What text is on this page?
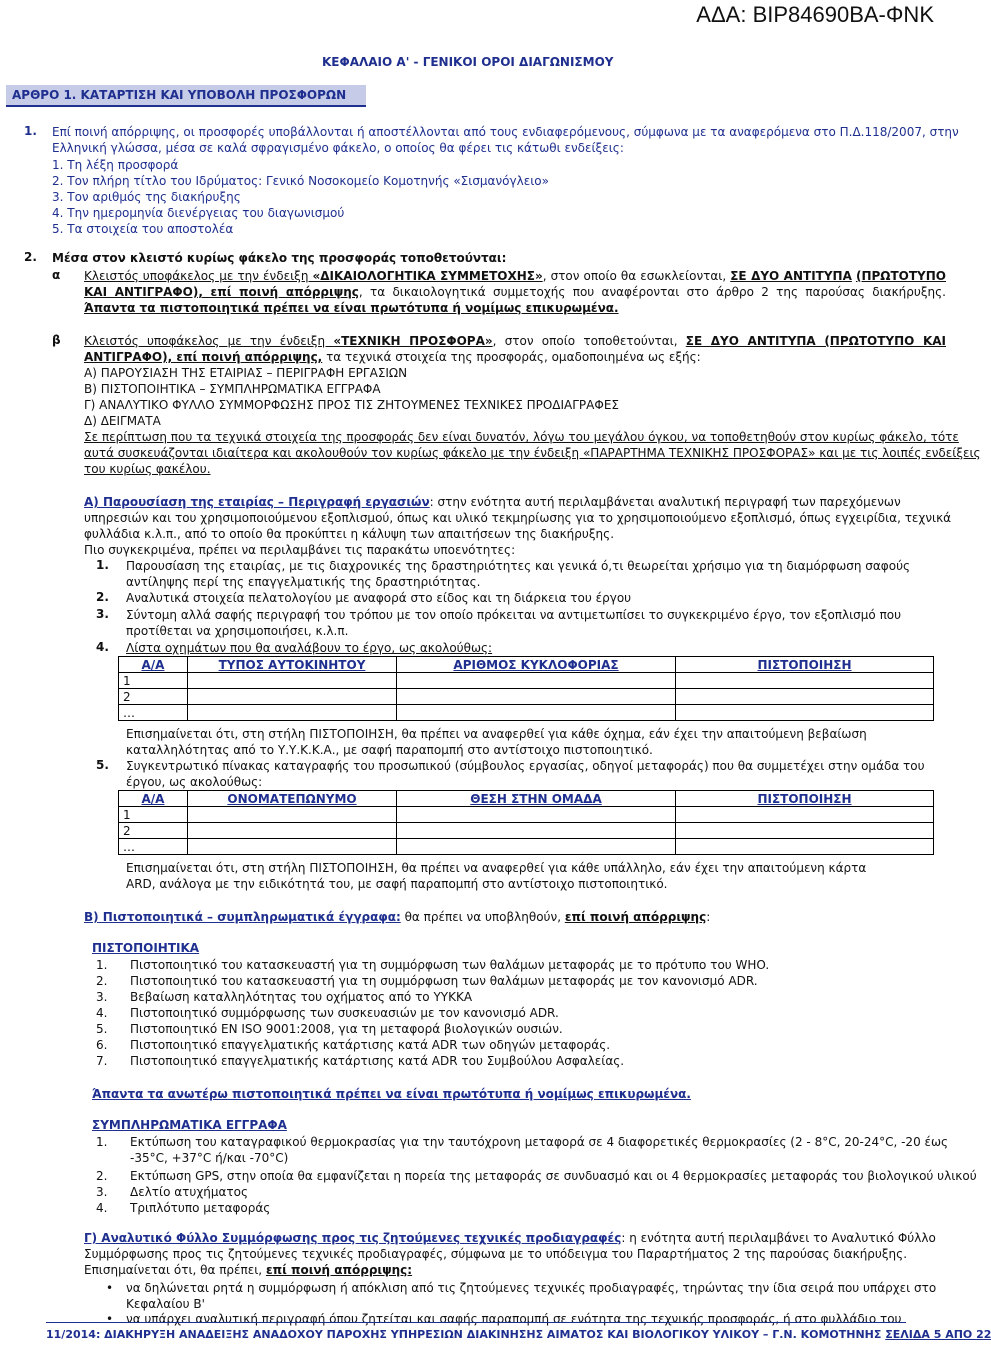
ΑΔΑ: ΒΙΡ84690ΒΑ-ΦΝΚ
ΚΕΦΑΛΑΙΟ Α' - ΓΕΝΙΚΟΙ ΟΡΟΙ ΔΙΑΓΩΝΙΣΜΟΥ
ΑΡΘΡΟ 1. ΚΑΤΑΡΤΙΣΗ ΚΑΙ ΥΠΟΒΟΛΗ ΠΡΟΣΦΟΡΩΝ
1. Επί ποινή απόρριψης, οι προσφορές υποβάλλονται ή αποστέλλονται από τους ενδιαφερόμενους, σύμφωνα με τα αναφερόμενα στο Π.Δ.118/2007, στην
Ελληνική γλώσσα, μέσα σε καλά σφραγισμένο φάκελο, ο οποίος θα φέρει τις κάτωθι ενδείξεις:
1. Τη λέξη προσφορά
2. Τον πλήρη τίτλο του Ιδρύματος: Γενικό Νοσοκομείο Κομοτηνής «Σισμανόγλειο»
3. Τον αριθμός της διακήρυξης
4. Την ημερομηνία διενέργειας του διαγωνισμού
5. Τα στοιχεία του αποστολέα
2. Μέσα στον κλειστό κυρίως φάκελο της προσφοράς τοποθετούνται:
α Κλειστός υποφάκελος με την ένδειξη «ΔΙΚΑΙΟΛΟΓΗΤΙΚΑ ΣΥΜΜΕΤΟΧΗΣ», στον οποίο θα εσωκλείονται, ΣΕ ΔΥΟ ΑΝΤΙΤΥΠΑ (ΠΡΩΤΟΤΥΠΟ ΚΑΙ ΑΝΤΙΓΡΑΦΟ), επί ποινή απόρριψης, τα δικαιολογητικά συμμετοχής που αναφέρονται στο άρθρο 2 της παρούσας διακήρυξης. Άπαντα τα πιστοποιητικά πρέπει να είναι πρωτότυπα ή νομίμως επικυρωμένα.
β Κλειστός υποφάκελος με την ένδειξη «ΤΕΧΝΙΚΗ ΠΡΟΣΦΟΡΑ», στον οποίο τοποθετούνται, ΣΕ ΔΥΟ ΑΝΤΙΤΥΠΑ (ΠΡΩΤΟΤΥΠΟ ΚΑΙ ΑΝΤΙΓΡΑΦΟ), επί ποινή απόρριψης, τα τεχνικά στοιχεία της προσφοράς, ομαδοποιημένα ως εξής:
Α) ΠΑΡΟΥΣΙΑΣΗ ΤΗΣ ΕΤΑΙΡΙΑΣ – ΠΕΡΙΓΡΑΦΗ ΕΡΓΑΣΙΩΝ
Β) ΠΙΣΤΟΠΟΙΗΤΙΚΑ – ΣΥΜΠΛΗΡΩΜΑΤΙΚΑ ΕΓΓΡΑΦΑ
Γ) ΑΝΑΛΥΤΙΚΟ ΦΥΛΛΟ ΣΥΜΜΟΡΦΩΣΗΣ ΠΡΟΣ ΤΙΣ ΖΗΤΟΥΜΕΝΕΣ ΤΕΧΝΙΚΕΣ ΠΡΟΔΙΑΓΡΑΦΕΣ
Δ) ΔΕΙΓΜΑΤΑ
Σε περίπτωση που τα τεχνικά στοιχεία της προσφοράς δεν είναι δυνατόν, λόγω του μεγάλου όγκου, να τοποθετηθούν στον κυρίως φάκελο, τότε
αυτά συσκευάζονται ιδιαίτερα και ακολουθούν τον κυρίως φάκελο με την ένδειξη «ΠΑΡΑΡΤΗΜΑ ΤΕΧΝΙΚΗΣ ΠΡΟΣΦΟΡΑΣ» και με τις λοιπές ενδείξεις
του κυρίως φακέλου.
Α) Παρουσίαση της εταιρίας – Περιγραφή εργασιών: στην ενότητα αυτή περιλαμβάνεται αναλυτική περιγραφή των παρεχόμενων
υπηρεσιών και του χρησιμοποιούμενου εξοπλισμού, όπως και υλικό τεκμηρίωσης για το χρησιμοποιούμενο εξοπλισμό, όπως εγχειρίδια, τεχνικά
φυλλάδια κ.λ.π., από το οποίο θα προκύπτει η κάλυψη των απαιτήσεων της διακήρυξης.
Πιο συγκεκριμένα, πρέπει να περιλαμβάνει τις παρακάτω υποενότητες:
1. Παρουσίαση της εταιρίας, με τις διαχρονικές της δραστηριότητες και γενικά ό,τι θεωρείται χρήσιμο για τη διαμόρφωση σαφούς
αντίληψης περί της επαγγελματικής της δραστηριότητας.
2. Αναλυτικά στοιχεία πελατολογίου με αναφορά στο είδος και τη διάρκεια του έργου
3. Σύντομη αλλά σαφής περιγραφή του τρόπου με τον οποίο πρόκειται να αντιμετωπίσει το συγκεκριμένο έργο, τον εξοπλισμό που
προτίθεται να χρησιμοποιήσει, κ.λ.π.
4. Λίστα οχημάτων που θα αναλάβουν το έργο, ως ακολούθως:
Α/Α	ΤΥΠΟΣ ΑΥΤΟΚΙΝΗΤΟΥ	ΑΡΙΘΜΟΣ ΚΥΚΛΟΦΟΡΙΑΣ	ΠΙΣΤΟΠΟΙΗΣΗ
1			
2			
…			
Επισημαίνεται ότι, στη στήλη ΠΙΣΤΟΠΟΙΗΣΗ, θα πρέπει να αναφερθεί για κάθε όχημα, εάν έχει την απαιτούμενη βεβαίωση
καταλληλότητας από το Υ.Υ.Κ.Κ.Α., με σαφή παραπομπή στο αντίστοιχο πιστοποιητικό.
5. Συγκεντρωτικό πίνακας καταγραφής του προσωπικού (σύμβουλος εργασίας, οδηγοί μεταφοράς) που θα συμμετέχει στην ομάδα του
έργου, ως ακολούθως:
Α/Α	ΟΝΟΜΑΤΕΠΩΝΥΜΟ	ΘΕΣΗ ΣΤΗΝ ΟΜΑΔΑ	ΠΙΣΤΟΠΟΙΗΣΗ
1			
2			
…			
Επισημαίνεται ότι, στη στήλη ΠΙΣΤΟΠΟΙΗΣΗ, θα πρέπει να αναφερθεί για κάθε υπάλληλο, εάν έχει την απαιτούμενη κάρτα
ARD, ανάλογα με την ειδικότητά του, με σαφή παραπομπή στο αντίστοιχο πιστοποιητικό.
Β) Πιστοποιητικά – συμπληρωματικά έγγραφα: θα πρέπει να υποβληθούν, επί ποινή απόρριψης:
ΠΙΣΤΟΠΟΙΗΤΙΚΑ
1. Πιστοποιητικό του κατασκευαστή για τη συμμόρφωση των θαλάμων μεταφοράς με το πρότυπο του WHO.
2. Πιστοποιητικό του κατασκευαστή για τη συμμόρφωση των θαλάμων μεταφοράς με τον κανονισμό ADR.
3. Βεβαίωση καταλληλότητας του οχήματος από το ΥΥΚΚΑ
4. Πιστοποιητικό συμμόρφωσης των συσκευασιών με τον κανονισμό ADR.
5. Πιστοποιητικό EN ISO 9001:2008, για τη μεταφορά βιολογικών ουσιών.
6. Πιστοποιητικό επαγγελματικής κατάρτισης κατά ADR των οδηγών μεταφοράς.
7. Πιστοποιητικό επαγγελματικής κατάρτισης κατά ADR του Συμβούλου Ασφαλείας.
Άπαντα τα ανωτέρω πιστοποιητικά πρέπει να είναι πρωτότυπα ή νομίμως επικυρωμένα.
ΣΥΜΠΛΗΡΩΜΑΤΙΚΑ ΕΓΓΡΑΦΑ
1. Εκτύπωση του καταγραφικού θερμοκρασίας για την ταυτόχρονη μεταφορά σε 4 διαφορετικές θερμοκρασίες (2 - 8°C, 20-24°C, -20 έως
-35°C, +37°C ή/και -70°C)
2. Εκτύπωση GPS, στην οποία θα εμφανίζεται η πορεία της μεταφοράς σε συνδυασμό και οι 4 θερμοκρασίες μεταφοράς του βιολογικού υλικού
3. Δελτίο ατυχήματος
4. Τριπλότυπο μεταφοράς
Γ) Αναλυτικό Φύλλο Συμμόρφωσης προς τις ζητούμενες τεχνικές προδιαγραφές: η ενότητα αυτή περιλαμβάνει το Αναλυτικό Φύλλο
Συμμόρφωσης προς τις ζητούμενες τεχνικές προδιαγραφές, σύμφωνα με το υπόδειγμα του Παραρτήματος 2 της παρούσας διακήρυξης.
Επισημαίνεται ότι, θα πρέπει, επί ποινή απόρριψης:
• να δηλώνεται ρητά η συμμόρφωση ή απόκλιση από τις ζητούμενες τεχνικές προδιαγραφές, τηρώντας την ίδια σειρά που υπάρχει στο
Κεφαλαίου Β'
• να υπάρχει αναλυτική περιγραφή όπου ζητείται και σαφής παραπομπή σε ενότητα της τεχνικής προσφοράς, ή στο φυλλάδιο του
11/2014: ΔΙΑΚΗΡΥΞΗ ΑΝΑΔΕΙΞΗΣ ΑΝΑΔΟΧΟΥ ΠΑΡΟΧΗΣ ΥΠΗΡΕΣΙΩΝ ΔΙΑΚΙΝΗΣΗΣ ΑΙΜΑΤΟΣ ΚΑΙ ΒΙΟΛΟΓΙΚΟΥ ΥΛΙΚΟΥ – Γ.Ν. ΚΟΜΟΤΗΝΗΣ ΣΕΛΙΔΑ 5 ΑΠΟ 22
